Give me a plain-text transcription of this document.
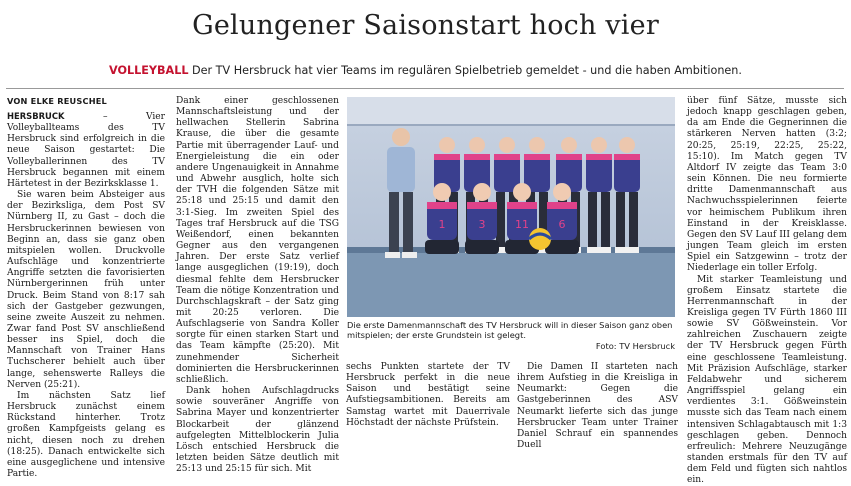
Gelungener Saisonstart hoch vier
VOLLEYBALL Der TV Hersbruck hat vier Teams im regulären Spielbetrieb gemeldet - und die haben Ambitionen.
VON ELKE REUSCHEL

HERSBRUCK – Vier Volleyballteams des TV Hersbruck sind erfolgreich in die neue Saison gestartet: Die Volleyballerinnen des TV Hersbruck begannen mit einem Härtetest in der Bezirksklasse 1.

Sie waren beim Absteiger aus der Bezirksliga, dem Post SV Nürnberg II, zu Gast – doch die Hersbruckerinnen bewiesen von Beginn an, dass sie ganz oben mitspielen wollen. Druckvolle Aufschläge und konzentrierte Angriffe setzten die favorisierten Nürnbergerinnen früh unter Druck. Beim Stand von 8:17 sah sich der Gastgeber gezwungen, seine zweite Auszeit zu nehmen. Zwar fand Post SV anschließend besser ins Spiel, doch die Mannschaft von Trainer Hans Tuchscherer behielt auch über lange, sehenswerte Ralleys die Nerven (25:21).

Im nächsten Satz lief Hersbruck zunächst einem Rückstand hinterher. Trotz großen Kampfgeists gelang es nicht, diesen noch zu drehen (18:25). Danach entwickelte sich eine ausgeglichene und intensive Partie.

Dank einer geschlossenen Mannschaftsleistung und der hellwachen Stellerin Sabrina Krause, die über die gesamte Partie mit überragender Lauf- und Energieleistung die ein oder andere Ungenauigkeit in Annahme und Abwehr ausglich, holte sich der TVH die folgenden Sätze mit 25:18 und 25:15 und damit den 3:1-Sieg. Im zweiten Spiel des Tages traf Hersbruck auf die TSG Weißendorf, einen bekannten Gegner aus den vergangenen Jahren. Der erste Satz verlief lange ausgeglichen (19:19), doch diesmal fehlte dem Hersbrucker Team die nötige Konzentration und Durchschlagskraft – der Satz ging mit 20:25 verloren. Die Aufschlagserie von Sandra Koller sorgte für einen starken Start und das Team kämpfte (25:20). Mit zunehmender Sicherheit dominierten die Hersbruckerinnen schließlich.

Dank hohen Aufschlagdrucks sowie souveräner Angriffe von Sabrina Mayer und konzentrierter Blockarbeit der glänzend aufgelegten Mittelblockerin Julia Lösch entschied Hersbruck die letzten beiden Sätze deutlich mit 25:13 und 25:15 für sich. Mit

1	3	11	6
Die erste Damenmannschaft des TV Hersbruck will in dieser Saison ganz oben mitspielen; der erste Grundstein ist gelegt.
Foto: TV Hersbruck

sechs Punkten startete der TV Hersbruck perfekt in die neue Saison und bestätigt seine Aufstiegsambitionen. Bereits am Samstag wartet mit Dauerrivale Höchstadt der nächste Prüfstein.

Die Damen II starteten nach ihrem Aufstieg in die Kreisliga in Neumarkt: Gegen die Gastgeberinnen des ASV Neumarkt lieferte sich das junge Hersbrucker Team unter Trainer Daniel Schrauf ein spannendes Duell

über fünf Sätze, musste sich jedoch knapp geschlagen geben, da am Ende die Gegnerinnen die stärkeren Nerven hatten (3:2; 20:25, 25:19, 22:25, 25:22, 15:10). Im Match gegen TV Altdorf IV zeigte das Team 3:0 sein Können. Die neu formierte dritte Damenmannschaft aus Nachwuchsspielerinnen feierte vor heimischem Publikum ihren Einstand in der Kreisklasse. Gegen den SV Lauf III gelang dem jungen Team gleich im ersten Spiel ein Satzgewinn – trotz der Niederlage ein toller Erfolg.

Mit starker Teamleistung und großem Einsatz startete die Herrenmannschaft in der Kreisliga gegen TV Fürth 1860 III sowie SV Gößweinstein. Vor zahlreichen Zuschauern zeigte der TV Hersbruck gegen Fürth eine geschlossene Teamleistung. Mit Präzision Aufschläge, starker Feldabwehr und sicherem Angriffsspiel gelang ein verdientes 3:1. Gößweinstein musste sich das Team nach einem intensiven Schlagabtausch mit 1:3 geschlagen geben. Dennoch erfreulich: Mehrere Neuzugänge standen erstmals für den TV auf dem Feld und fügten sich nahtlos ein.
